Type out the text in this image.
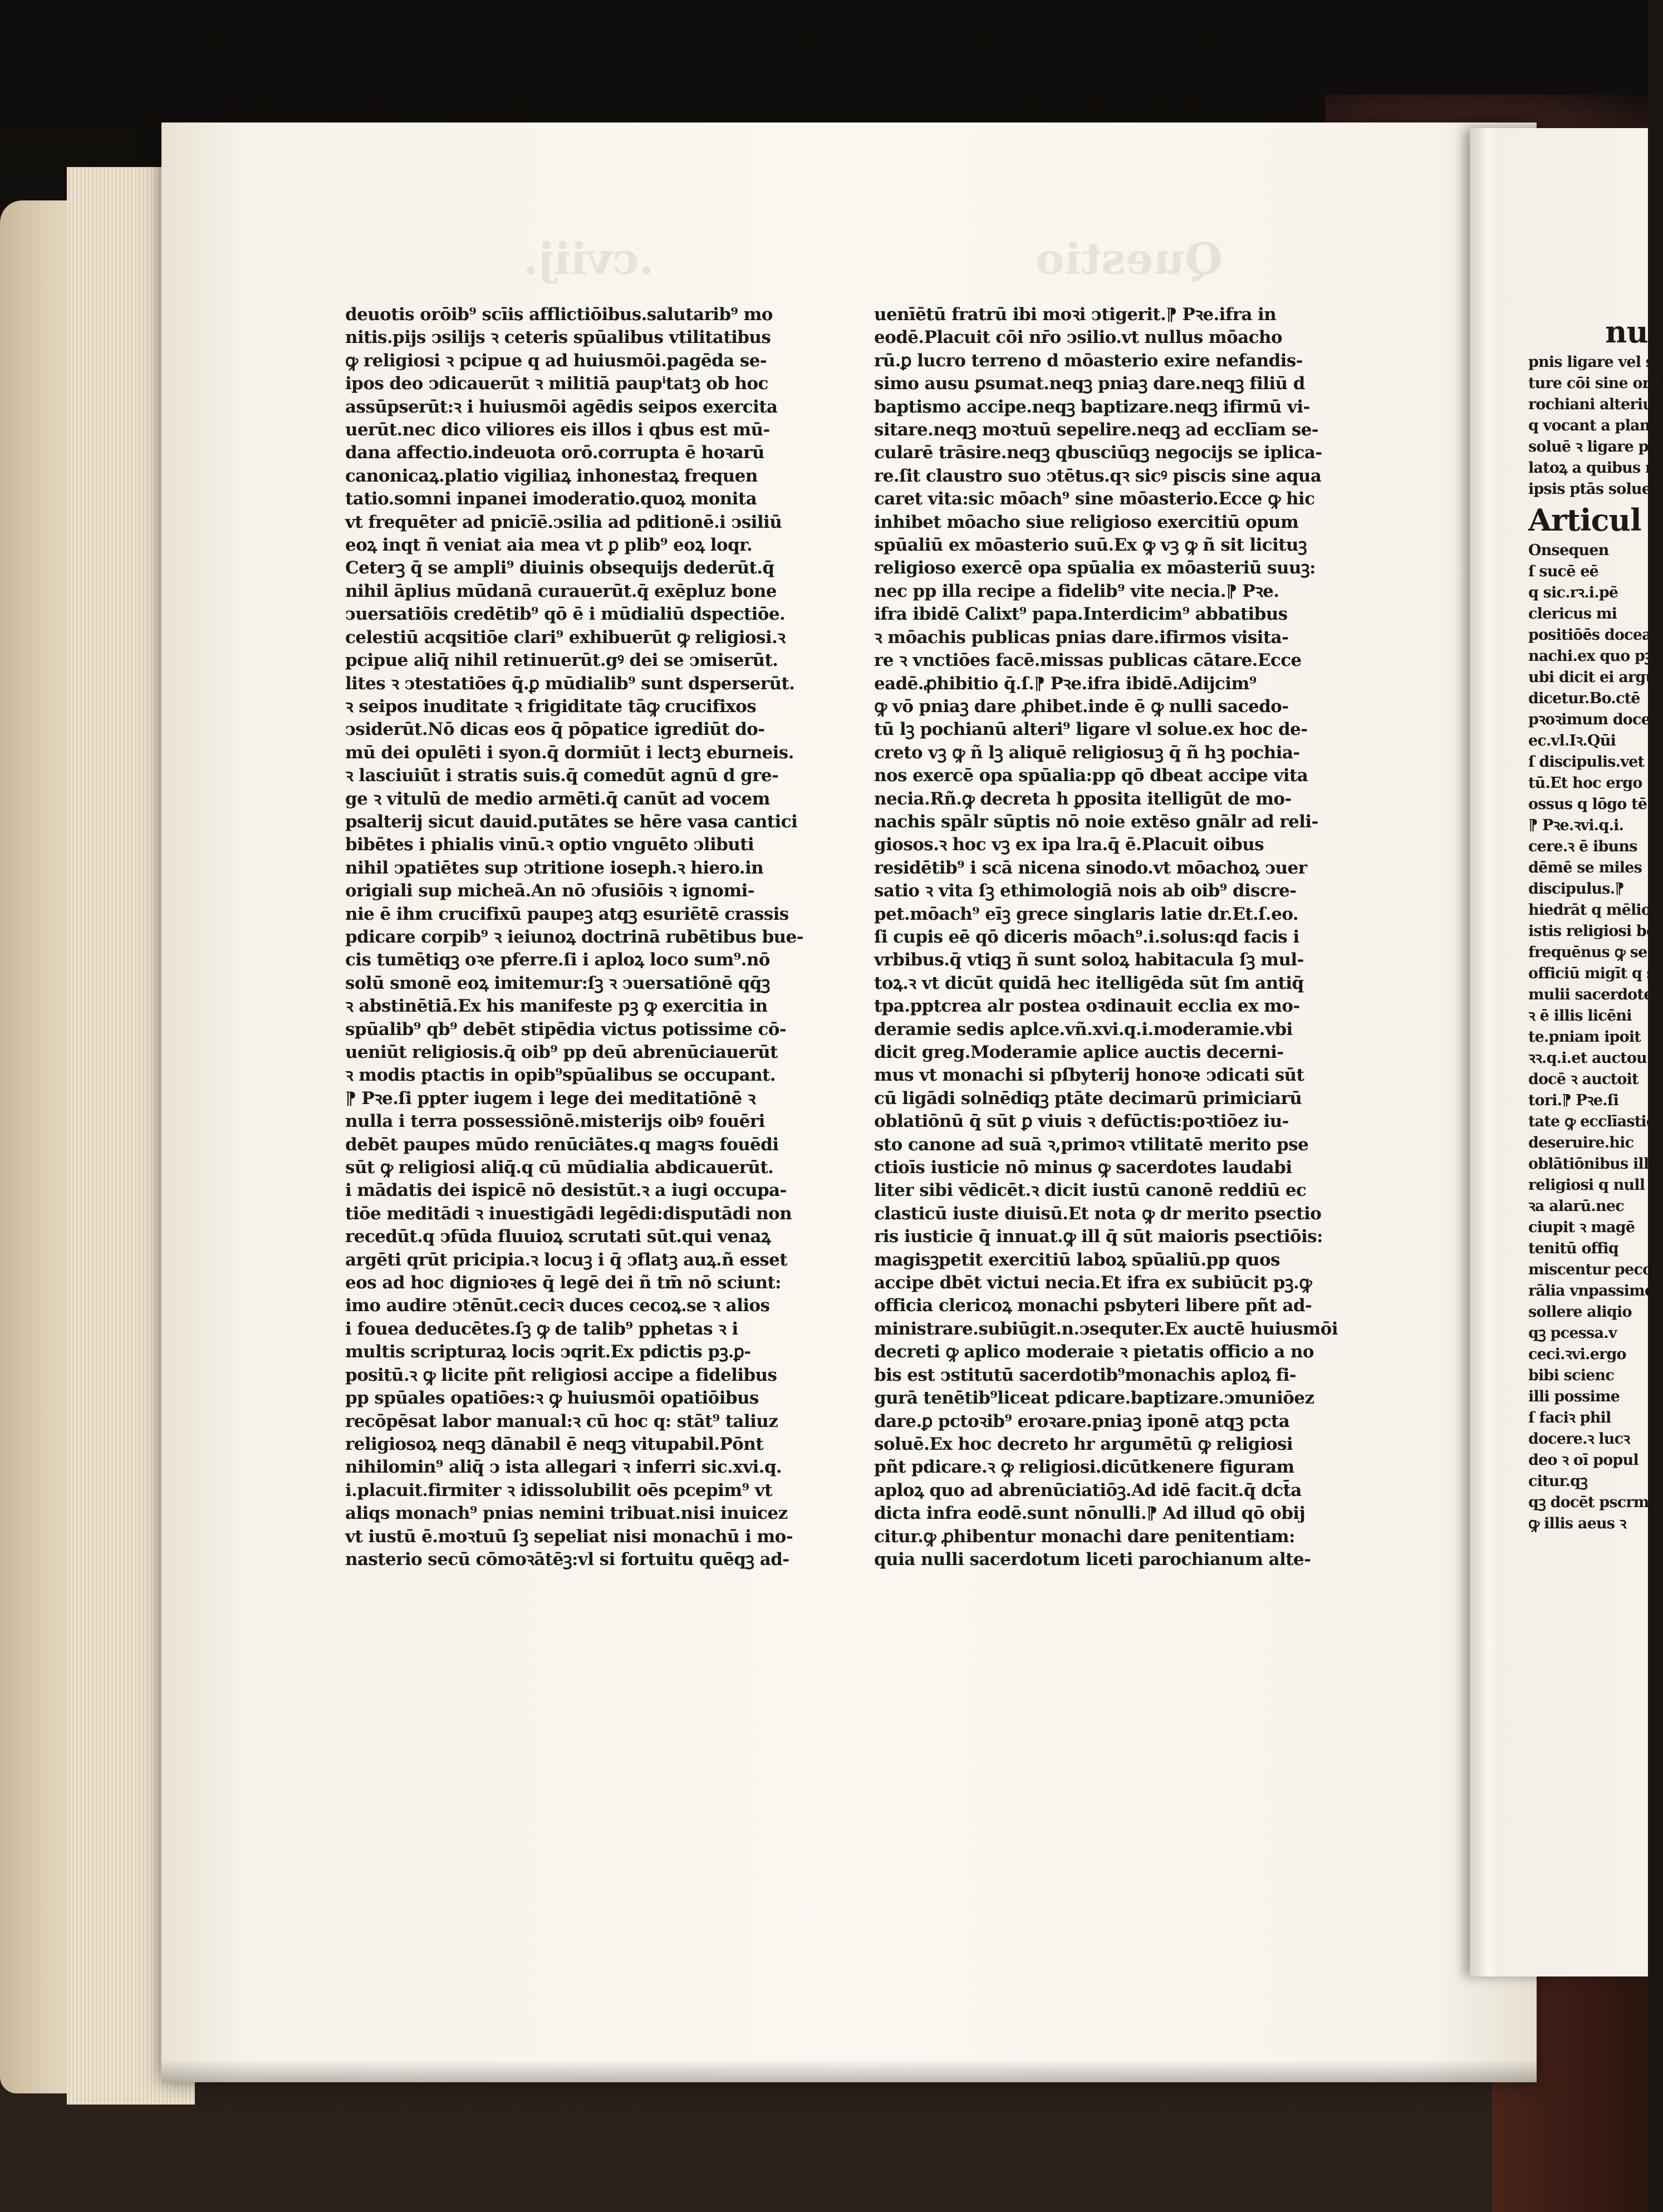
.cviij.	Questio
deuotis orōib⁹ scīis afflictiōibus.salutarib⁹ mo
nitis.pijs ↄsilijs ꝛ ceteris spūalibus vtilitatibus
ꝙ religiosi ꝛ pcipue q ad huiusmōi.pagēda se-
ipos deo ↄdicauerūt ꝛ militiā paupⁱtatꝫ ob hoc
assūpserūt:ꝛ i huiusmōi agēdis seipos exercita
uerūt.nec dico viliores eis illos i qbus est mū-
dana affectio.indeuota orō.corrupta ē hoꝛarū
canonicaꝝ.platio vigiliaꝝ inhonestaꝝ frequen
tatio.somni inpanei imoderatio.quoꝝ monita
vt frequēter ad pnicīē.ↄsilia ad pditionē.i ↄsiliū
eoꝝ inqt ñ veniat aia mea vt ꝑ plib⁹ eoꝝ loqr.
Ceterꝫ q̄ se ampli⁹ diuinis obsequijs dederūt.q̄
nihil āplius mūdanā curauerūt.q̄ exēpluz bone
ↄuersatiōis credētib⁹ qō ē i mūdialiū dspectiōe.
celestiū acqsitiōe clari⁹ exhibuerūt ꝙ religiosi.ꝛ
pcipue aliq̄ nihil retinuerūt.gꝰ dei se ↄmiserūt.
lites ꝛ ↄtestatiōes q̄.ꝑ mūdialib⁹ sunt dsperserūt.
ꝛ seipos inuditate ꝛ frigiditate tāꝙ crucifixos
ↄsiderūt.Nō dicas eos q̄ pōpatice igrediūt do-
mū dei opulēti i syon.q̄ dormiūt i lectꝫ eburneis.
ꝛ lasciuiūt i stratis suis.q̄ comedūt agnū d gre-
ge ꝛ vitulū de medio armēti.q̄ canūt ad vocem
psalterij sicut dauid.putātes se hēre vasa cantici
bibētes i phialis vinū.ꝛ optio vnguēto ↄlibuti
nihil ↄpatiētes sup ↄtritione ioseph.ꝛ hiero.in
origiali sup micheā.An nō ↄfusiōis ꝛ ignomi-
nie ē ihm crucifixū paupeꝫ atqꝫ esuriētē crassis
pdicare corpib⁹ ꝛ ieiunoꝝ doctrinā rubētibus bue-
cis tumētiqꝫ oꝛe pferre.ſi i aploꝝ loco sum⁹.nō
solū smonē eoꝝ imitemur:ſꝫ ꝛ ↄuersatiōnē qq̄ꝫ
ꝛ abstinētiā.Ex his manifeste pꝫ ꝙ exercitia in
spūalib⁹ qb⁹ debēt stipēdia victus potissime cō-
ueniūt religiosis.q̄ oib⁹ pp deū abrenūciauerūt
ꝛ modis ptactis in opib⁹spūalibus se occupant.
⁋ Pꝛe.ſi ppter iugem i lege dei meditatiōnē ꝛ
nulla i terra possessiōnē.misterijs oibꝰ fouēri
debēt paupes mūdo renūciātes.q magꝛs fouēdi
sūt ꝙ religiosi aliq̄.q cū mūdialia abdicauerūt.
i mādatis dei ispicē nō desistūt.ꝛ a iugi occupa-
tiōe meditādi ꝛ inuestigādi legēdi:disputādi non
recedūt.q ↄfūda fluuioꝝ scrutati sūt.qui venaꝝ
argēti qrūt pricipia.ꝛ locuꝫ i q̄ ↄflatꝫ auꝝ.ñ esset
eos ad hoc dignioꝛes q̄ legē dei ñ tm̄ nō sciunt:
imo audire ↄtēnūt.ceciꝛ duces cecoꝝ.se ꝛ alios
i fouea deducētes.ſꝫ ꝙ de talib⁹ pphetas ꝛ i
multis scripturaꝝ locis ↄqrit.Ex pdictis pꝫ.ꝑ-
positū.ꝛ ꝙ licite pñt religiosi accipe a fidelibus
pp spūales opatiōes:ꝛ ꝙ huiusmōi opatiōibus
recōpēsat labor manual:ꝛ cū hoc q: stāt⁹ taliuz
religiosoꝝ neqꝫ dānabil ē neqꝫ vitupabil.Pōnt
nihilomin⁹ aliq̄ ↄ ista allegari ꝛ inferri sic.xvi.q.
i.placuit.firmiter ꝛ idissolubilit oēs pcepim⁹ vt
aliqs monach⁹ pnias nemini tribuat.nisi inuicez
vt iustū ē.moꝛtuū ſꝫ sepeliat nisi monachū i mo-
nasterio secū cōmoꝛātēꝫ:vl si fortuitu quēqꝫ ad-
uenīētū fratrū ibi moꝛi ↄtigerit.⁋ Pꝛe.ifra in
eodē.Placuit cōi nr̄o ↄsilio.vt nullus mōacho
rū.ꝑ lucro terreno d mōasterio exire nefandis-
simo ausu ꝑsumat.neqꝫ pniaꝫ dare.neqꝫ filiū d
baptismo accipe.neqꝫ baptizare.neqꝫ ifirmū vi-
sitare.neqꝫ moꝛtuū sepelire.neqꝫ ad ecclīam se-
cularē trāsire.neqꝫ qbusciūqꝫ negocijs se iplica-
re.ſit claustro suo ↄtētus.qꝛ sicꝰ piscis sine aqua
caret vita:sic mōach⁹ sine mōasterio.Ecce ꝙ hic
inhibet mōacho siue religioso exercitiū opum
spūaliū ex mōasterio suū.Ex ꝙ vꝫ ꝙ ñ sit licituꝫ
religioso exercē opa spūalia ex mōasteriū suuꝫ:
nec pp illa recipe a fidelib⁹ vite necia.⁋ Pꝛe.
ifra ibidē Calixt⁹ papa.Interdicim⁹ abbatibus
ꝛ mōachis publicas pnias dare.ifirmos visita-
re ꝛ vnctiōes facē.missas publicas cātare.Ecce
eadē.ꝓhibitio q̄.ſ.⁋ Pꝛe.ifra ibidē.Adijcim⁹
ꝙ vō pniaꝫ dare ꝓhibet.inde ē ꝙ nulli sacedo-
tū lꝫ pochianū alteri⁹ ligare vl solue.ex hoc de-
creto vꝫ ꝙ ñ lꝫ aliquē religiosuꝫ q̄ ñ hꝫ pochia-
nos exercē opa spūalia:pp qō dbeat accipe vita
necia.Rñ.ꝙ decreta h ꝑposita itelligūt de mo-
nachis spālr sūptis nō noie extēso gnālr ad reli-
giosos.ꝛ hoc vꝫ ex ipa lra.q̄ ē.Placuit oibus
residētib⁹ i scā nicena sinodo.vt mōachoꝝ ↄuer
satio ꝛ vita ſꝫ ethimologiā nois ab oib⁹ discre-
pet.mōach⁹ eīꝫ grece singlaris latie dr.Et.ſ.eo.
ſi cupis eē qō diceris mōach⁹.i.solus:qd facis i
vrbibus.q̄ vtiqꝫ ñ sunt soloꝝ habitacula ſꝫ mul-
toꝝ.ꝛ vt dicūt quidā hec itelligēda sūt ſm antiq̄
tpa.pptcrea alr postea oꝛdinauit ecclia ex mo-
deramie sedis aplce.vñ.xvi.q.i.moderamie.vbi
dicit greg.Moderamie aplice auctis decerni-
mus vt monachi si pſbyterij honoꝛe ↄdicati sūt
cū ligādi solnēdiqꝫ ptāte decimarū primiciarū
oblatiōnū q̄ sūt ꝑ viuis ꝛ defūctis:poꝛtiōez iu-
sto canone ad suā ꝛ,primoꝛ vtilitatē merito pse
ctioīs iusticie nō minus ꝙ sacerdotes laudabi
liter sibi vēdicēt.ꝛ dicit iustū canonē reddiū ec
clasticū iuste diuisū.Et nota ꝙ dr merito psectio
ris iusticie q̄ innuat.ꝙ ill q̄ sūt maioris psectiōis:
magisꝫpetit exercitiū laboꝝ spūaliū.pp quos
accipe dbēt victui necia.Et ifra ex subiūcit pꝫ.ꝙ
officia clericoꝝ monachi psbyteri libere pñt ad-
ministrare.subiūgit.n.ↄsequter.Ex auctē huiusmōi
decreti ꝙ aplico moderaie ꝛ pietatis officio a no
bis est ↄstitutū sacerdotib⁹monachis aploꝝ fi-
gurā tenētib⁹liceat pdicare.baptizare.ↄmuniōez
dare.ꝑ pctoꝛib⁹ eroꝛare.pniaꝫ iponē atqꝫ pcta
soluē.Ex hoc decreto hr argumētū ꝙ religiosi
pñt pdicare.ꝛ ꝙ religiosi.dicūtkenere figuram
aploꝝ quo ad abrenūciatiōꝫ.Ad idē facit.q̄ dct̄a
dicta infra eodē.sunt nōnulli.⁋ Ad illud qō obij
citur.ꝙ ꝓhibentur monachi dare penitentiam:
quia nulli sacerdotum liceti parochianum alte-
nu
pnis ligare vel so
ture cōi sine ord
rochiani alterius
q vocant a plan
soluē ꝛ ligare pō
latoꝝ a quibus n
ipsis ptās solue
Articul
Onsequen
ſ sucē eē
q sic.rꝛ.i.pē
clericus mi
positiōēs docear
nachi.ex quo pꝫ
ubi dicit ei argu
dicetur.Bo.ctē
pꝛoꝛimum doce
ec.vl.Iꝛ.Qūi
ſ discipulis.vet
tū.Et hoc ergo
ossus q lōgo tē
⁋ Pꝛe.ꝛvi.q.i.
cere.ꝛ ē ibuns
dēmē se miles
discipulus.⁋
hiedrāt q mēlio
istis religiosi bo
frequēnus ꝙ se
officiū migīt q s
mulii sacerdotes
ꝛ ē illis licēni
te.pniam ipoit
ꝛꝛ.q.i.et auctou
docē ꝛ auctoit
tori.⁋ Pꝛe.ſi
tate ꝙ ecclīastic
deseruire.hic
oblātiōnibus ill
religiosi q null
ꝛa alarū.nec
ciupit ꝛ magē
tenitū offiq
miscentur pecca
rālia vnpassime
sollere aliqio
qꝫ pcessa.v
ceci.ꝛvi.ergo
bibi scienc
illi possime
ſ faciꝛ phil
docere.ꝛ lucꝛ
deo ꝛ oī popul
citur.qꝫ
qꝫ docēt pscrm
ꝙ illis aeus ꝛ
